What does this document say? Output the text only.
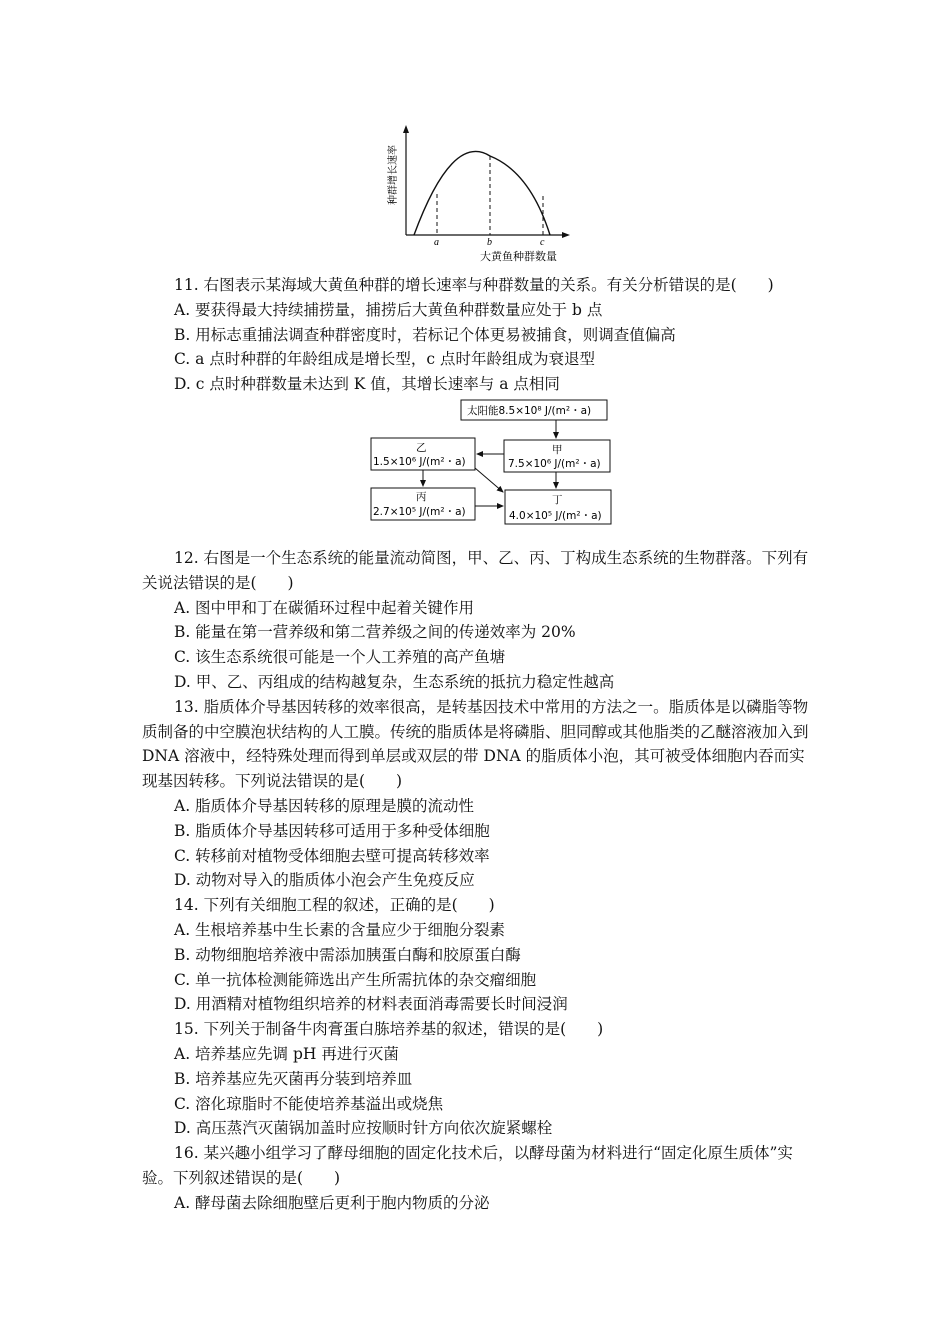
a	b	c
大黄鱼种群数量
种群增长速率
太阳能8.5×10⁸ J/(m²・a)
甲
7.5×10⁶ J/(m²・a)
乙
1.5×10⁶ J/(m²・a)
丙
2.7×10⁵ J/(m²・a)
丁
4.0×10⁵ J/(m²・a)
11. 右图表示某海域大黄鱼种群的增长速率与种群数量的关系。有关分析错误的是(　　)
A. 要获得最大持续捕捞量，捕捞后大黄鱼种群数量应处于 b 点
B. 用标志重捕法调查种群密度时，若标记个体更易被捕食，则调查值偏高
C. a 点时种群的年龄组成是增长型，c 点时年龄组成为衰退型
D. c 点时种群数量未达到 K 值，其增长速率与 a 点相同
12. 右图是一个生态系统的能量流动简图，甲、乙、丙、丁构成生态系统的生物群落。下列有关说法错误的是(　　)
A. 图中甲和丁在碳循环过程中起着关键作用
B. 能量在第一营养级和第二营养级之间的传递效率为 20%
C. 该生态系统很可能是一个人工养殖的高产鱼塘
D. 甲、乙、丙组成的结构越复杂，生态系统的抵抗力稳定性越高
13. 脂质体介导基因转移的效率很高，是转基因技术中常用的方法之一。脂质体是以磷脂等物质制备的中空膜泡状结构的人工膜。传统的脂质体是将磷脂、胆同醇或其他脂类的乙醚溶液加入到 DNA 溶液中，经特殊处理而得到单层或双层的带 DNA 的脂质体小泡，其可被受体细胞内吞而实现基因转移。下列说法错误的是(　　)
A. 脂质体介导基因转移的原理是膜的流动性
B. 脂质体介导基因转移可适用于多种受体细胞
C. 转移前对植物受体细胞去壁可提高转移效率
D. 动物对导入的脂质体小泡会产生免疫反应
14. 下列有关细胞工程的叙述，正确的是(　　)
A. 生根培养基中生长素的含量应少于细胞分裂素
B. 动物细胞培养液中需添加胰蛋白酶和胶原蛋白酶
C. 单一抗体检测能筛选出产生所需抗体的杂交瘤细胞
D. 用酒精对植物组织培养的材料表面消毒需要长时间浸润
15. 下列关于制备牛肉膏蛋白胨培养基的叙述，错误的是(　　)
A. 培养基应先调 pH 再进行灭菌
B. 培养基应先灭菌再分装到培养皿
C. 溶化琼脂时不能使培养基溢出或烧焦
D. 高压蒸汽灭菌锅加盖时应按顺时针方向依次旋紧螺栓
16. 某兴趣小组学习了酵母细胞的固定化技术后，以酵母菌为材料进行“固定化原生质体”实验。下列叙述错误的是(　　)
A. 酵母菌去除细胞壁后更利于胞内物质的分泌
